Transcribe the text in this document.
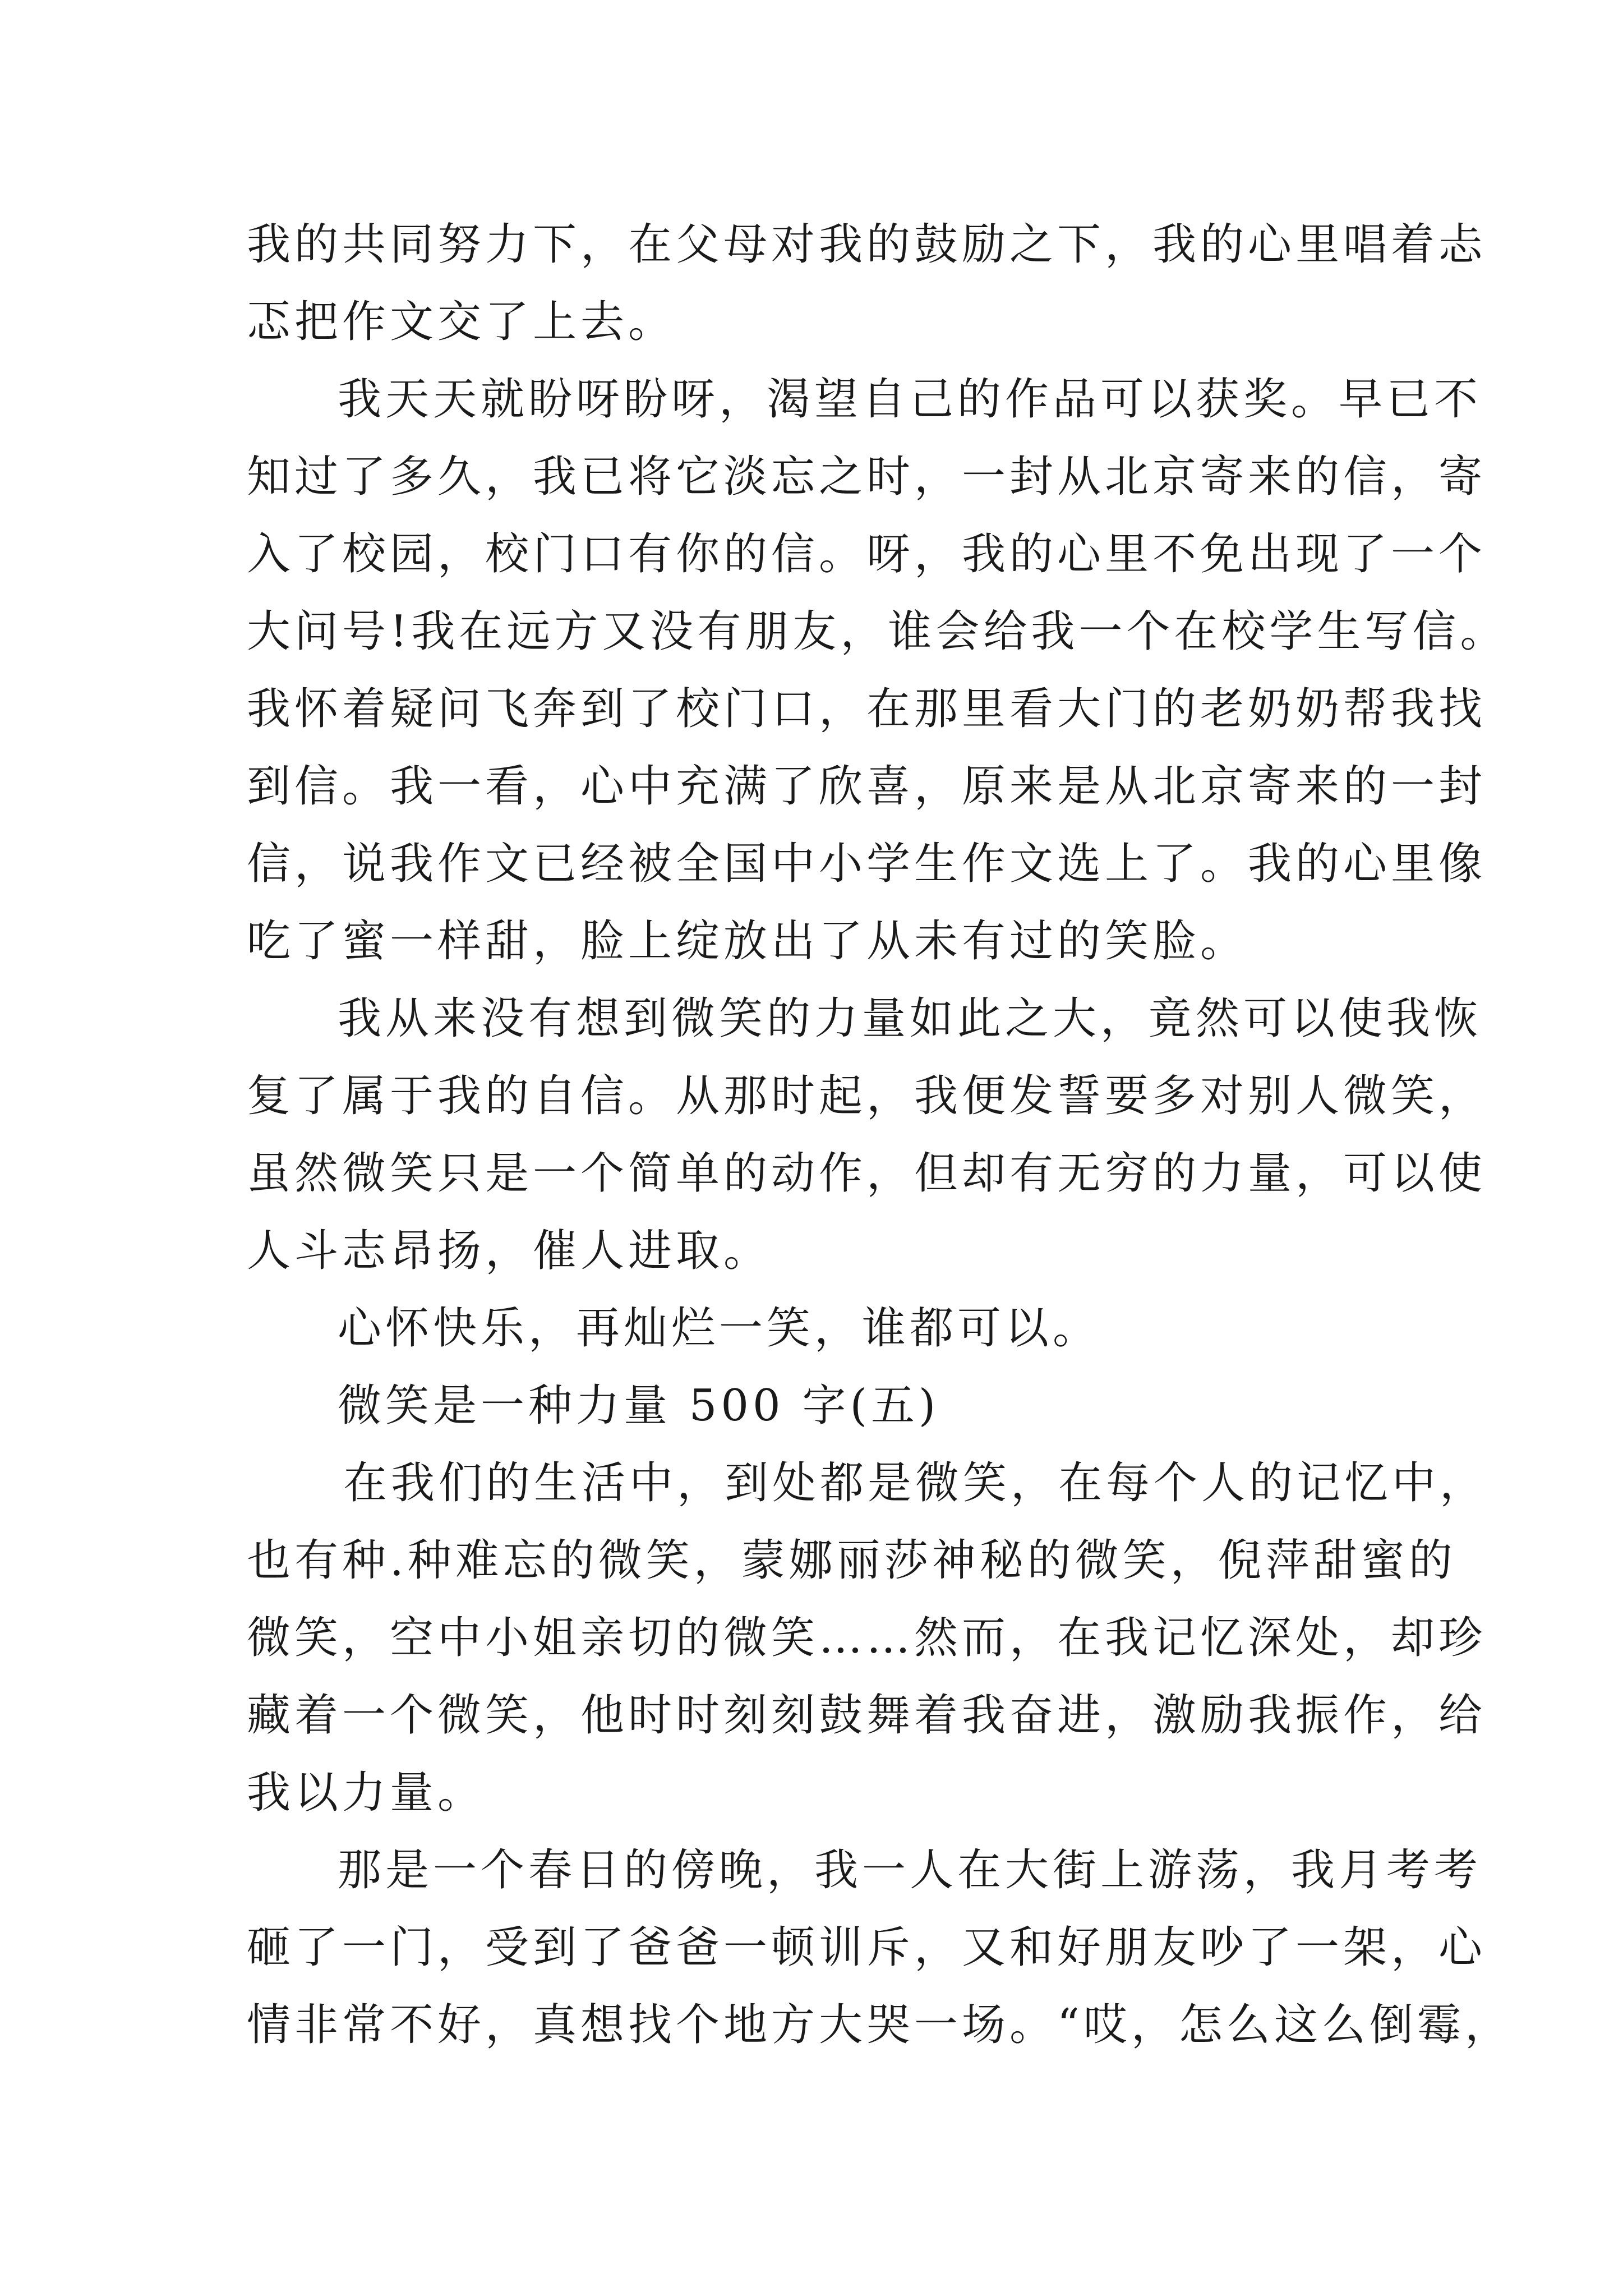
我的共同努力下，在父母对我的鼓励之下，我的心里唱着忐
忑把作文交了上去。
我天天就盼呀盼呀，渴望自己的作品可以获奖。早已不
知过了多久，我已将它淡忘之时，一封从北京寄来的信，寄
入了校园，校门口有你的信。呀，我的心里不免出现了一个
大问号!我在远方又没有朋友，谁会给我一个在校学生写信。
我怀着疑问飞奔到了校门口，在那里看大门的老奶奶帮我找
到信。我一看，心中充满了欣喜，原来是从北京寄来的一封
信，说我作文已经被全国中小学生作文选上了。我的心里像
吃了蜜一样甜，脸上绽放出了从未有过的笑脸。
我从来没有想到微笑的力量如此之大，竟然可以使我恢
复了属于我的自信。从那时起，我便发誓要多对别人微笑，
虽然微笑只是一个简单的动作，但却有无穷的力量，可以使
人斗志昂扬，催人进取。
心怀快乐，再灿烂一笑，谁都可以。
微笑是一种力量 500 字(五)
在我们的生活中，到处都是微笑，在每个人的记忆中，
也有种.种难忘的微笑，蒙娜丽莎神秘的微笑，倪萍甜蜜的
微笑，空中小姐亲切的微笑……然而，在我记忆深处，却珍
藏着一个微笑，他时时刻刻鼓舞着我奋进，激励我振作，给
我以力量。
那是一个春日的傍晚，我一人在大街上游荡，我月考考
砸了一门，受到了爸爸一顿训斥，又和好朋友吵了一架，心
情非常不好，真想找个地方大哭一场。“哎，怎么这么倒霉，
